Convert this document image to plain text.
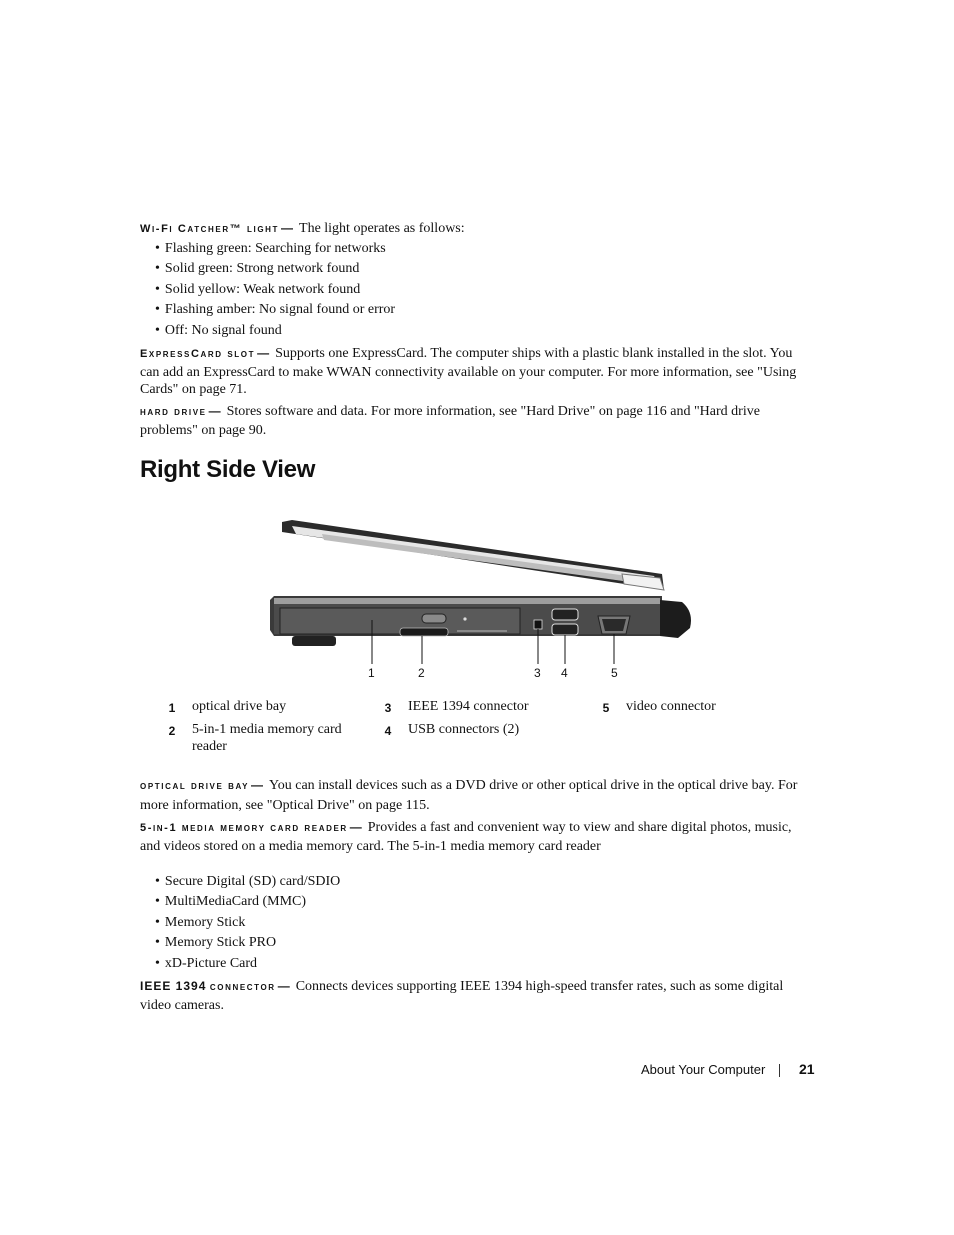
Wi-Fi Catcher™ light — The light operates as follows:
• Flashing green: Searching for networks
• Solid green: Strong network found
• Solid yellow: Weak network found
• Flashing amber: No signal found or error
• Off: No signal found
ExpressCard slot — Supports one ExpressCard. The computer ships with a plastic blank installed in the slot. You can add an ExpressCard to make WWAN connectivity available on your computer. For more information, see "Using Cards" on page 71.
hard drive — Stores software and data. For more information, see "Hard Drive" on page 116 and "Hard drive problems" on page 90.
Right Side View
1	2	3 4	5
1	optical drive bay	3	IEEE 1394 connector	5	video connector
2	5-in-1 media memory card reader	4	USB connectors (2)		
optical drive bay — You can install devices such as a DVD drive or other optical drive in the optical drive bay. For more information, see "Optical Drive" on page 115.
5-in-1 media memory card reader — Provides a fast and convenient way to view and share digital photos, music, and videos stored on a media memory card. The 5-in-1 media memory card reader
• Secure Digital (SD) card/SDIO
• MultiMediaCard (MMC)
• Memory Stick
• Memory Stick PRO
• xD-Picture Card
IEEE 1394 connector — Connects devices supporting IEEE 1394 high-speed transfer rates, such as some digital video cameras.
About Your Computer 21
